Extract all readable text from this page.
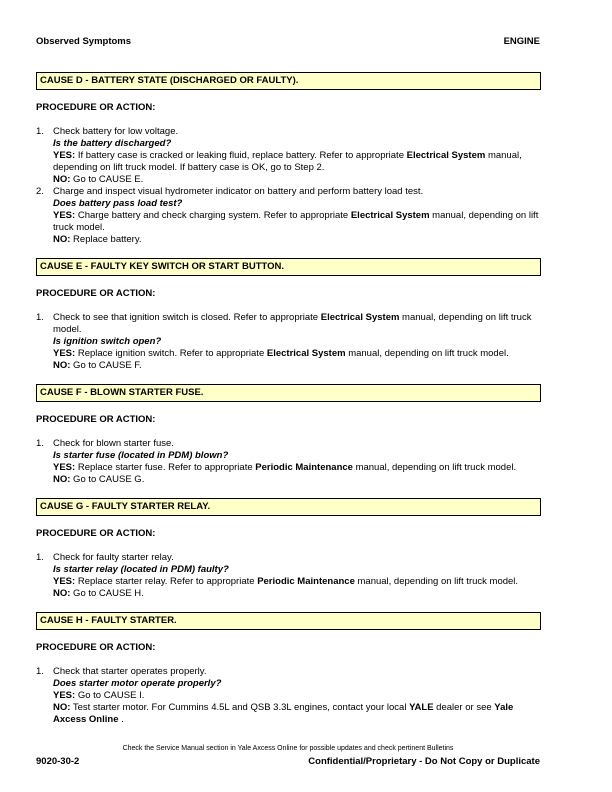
Observed Symptoms	ENGINE
CAUSE D - BATTERY STATE (DISCHARGED OR FAULTY).
PROCEDURE OR ACTION:
1. Check battery for low voltage.
Is the battery discharged?
YES: If battery case is cracked or leaking fluid, replace battery. Refer to appropriate Electrical System manual, depending on lift truck model. If battery case is OK, go to Step 2.
NO: Go to CAUSE E.
2. Charge and inspect visual hydrometer indicator on battery and perform battery load test.
Does battery pass load test?
YES: Charge battery and check charging system. Refer to appropriate Electrical System manual, depending on lift truck model.
NO: Replace battery.
CAUSE E - FAULTY KEY SWITCH OR START BUTTON.
PROCEDURE OR ACTION:
1. Check to see that ignition switch is closed. Refer to appropriate Electrical System manual, depending on lift truck model.
Is ignition switch open?
YES: Replace ignition switch. Refer to appropriate Electrical System manual, depending on lift truck model.
NO: Go to CAUSE F.
CAUSE F - BLOWN STARTER FUSE.
PROCEDURE OR ACTION:
1. Check for blown starter fuse.
Is starter fuse (located in PDM) blown?
YES: Replace starter fuse. Refer to appropriate Periodic Maintenance manual, depending on lift truck model.
NO: Go to CAUSE G.
CAUSE G - FAULTY STARTER RELAY.
PROCEDURE OR ACTION:
1. Check for faulty starter relay.
Is starter relay (located in PDM) faulty?
YES: Replace starter relay. Refer to appropriate Periodic Maintenance manual, depending on lift truck model.
NO: Go to CAUSE H.
CAUSE H - FAULTY STARTER.
PROCEDURE OR ACTION:
1. Check that starter operates properly.
Does starter motor operate properly?
YES: Go to CAUSE I.
NO: Test starter motor. For Cummins 4.5L and QSB 3.3L engines, contact your local YALE dealer or see Yale Axcess Online .
Check the Service Manual section in Yale Axcess Online for possible updates and check pertinent Bulletins
9020-30-2	Confidential/Proprietary - Do Not Copy or Duplicate
